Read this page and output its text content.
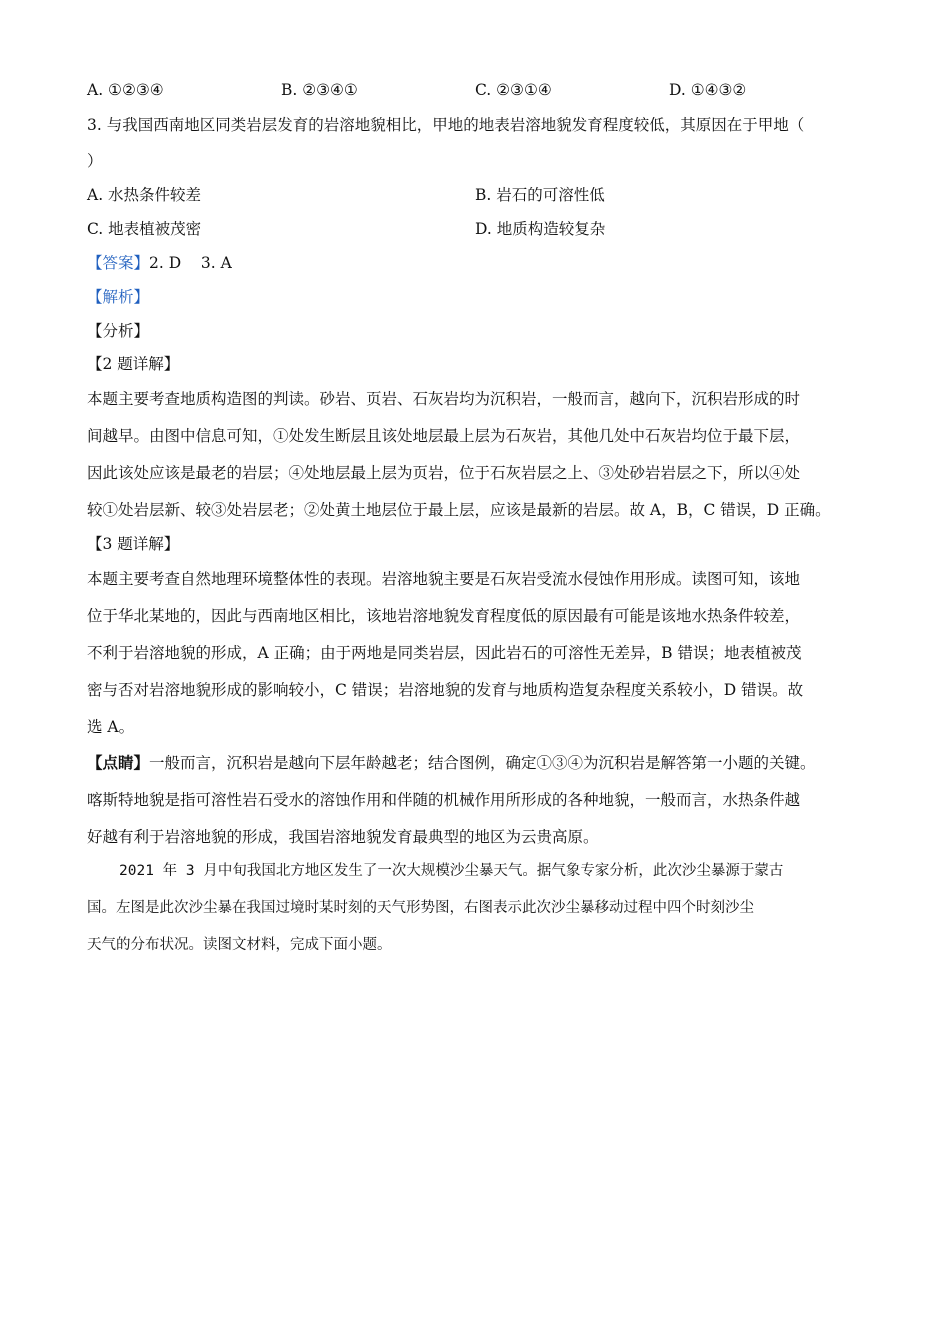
A. ①②③④	B. ②③④①	C. ②③①④	D. ①④③②
3. 与我国西南地区同类岩层发育的岩溶地貌相比，甲地的地表岩溶地貌发育程度较低，其原因在于甲地（
）
A. 水热条件较差	B. 岩石的可溶性低
C. 地表植被茂密	D. 地质构造较复杂
【答案】2. D    3. A
【解析】
【分析】
【2 题详解】
本题主要考查地质构造图的判读。砂岩、页岩、石灰岩均为沉积岩，一般而言，越向下，沉积岩形成的时
间越早。由图中信息可知，①处发生断层且该处地层最上层为石灰岩，其他几处中石灰岩均位于最下层，
因此该处应该是最老的岩层；④处地层最上层为页岩，位于石灰岩层之上、③处砂岩岩层之下，所以④处
较①处岩层新、较③处岩层老；②处黄土地层位于最上层，应该是最新的岩层。故 A，B，C 错误，D 正确。
【3 题详解】
本题主要考查自然地理环境整体性的表现。岩溶地貌主要是石灰岩受流水侵蚀作用形成。读图可知，该地
位于华北某地的，因此与西南地区相比，该地岩溶地貌发育程度低的原因最有可能是该地水热条件较差，
不利于岩溶地貌的形成，A 正确；由于两地是同类岩层，因此岩石的可溶性无差异，B 错误；地表植被茂
密与否对岩溶地貌形成的影响较小，C 错误；岩溶地貌的发育与地质构造复杂程度关系较小，D 错误。故
选 A。
【点睛】一般而言，沉积岩是越向下层年龄越老；结合图例，确定①③④为沉积岩是解答第一小题的关键。
喀斯特地貌是指可溶性岩石受水的溶蚀作用和伴随的机械作用所形成的各种地貌，一般而言，水热条件越
好越有利于岩溶地貌的形成，我国岩溶地貌发育最典型的地区为云贵高原。
2021 年 3 月中旬我国北方地区发生了一次大规模沙尘暴天气。据气象专家分析，此次沙尘暴源于蒙古
国。左图是此次沙尘暴在我国过境时某时刻的天气形势图，右图表示此次沙尘暴移动过程中四个时刻沙尘
天气的分布状况。读图文材料，完成下面小题。
